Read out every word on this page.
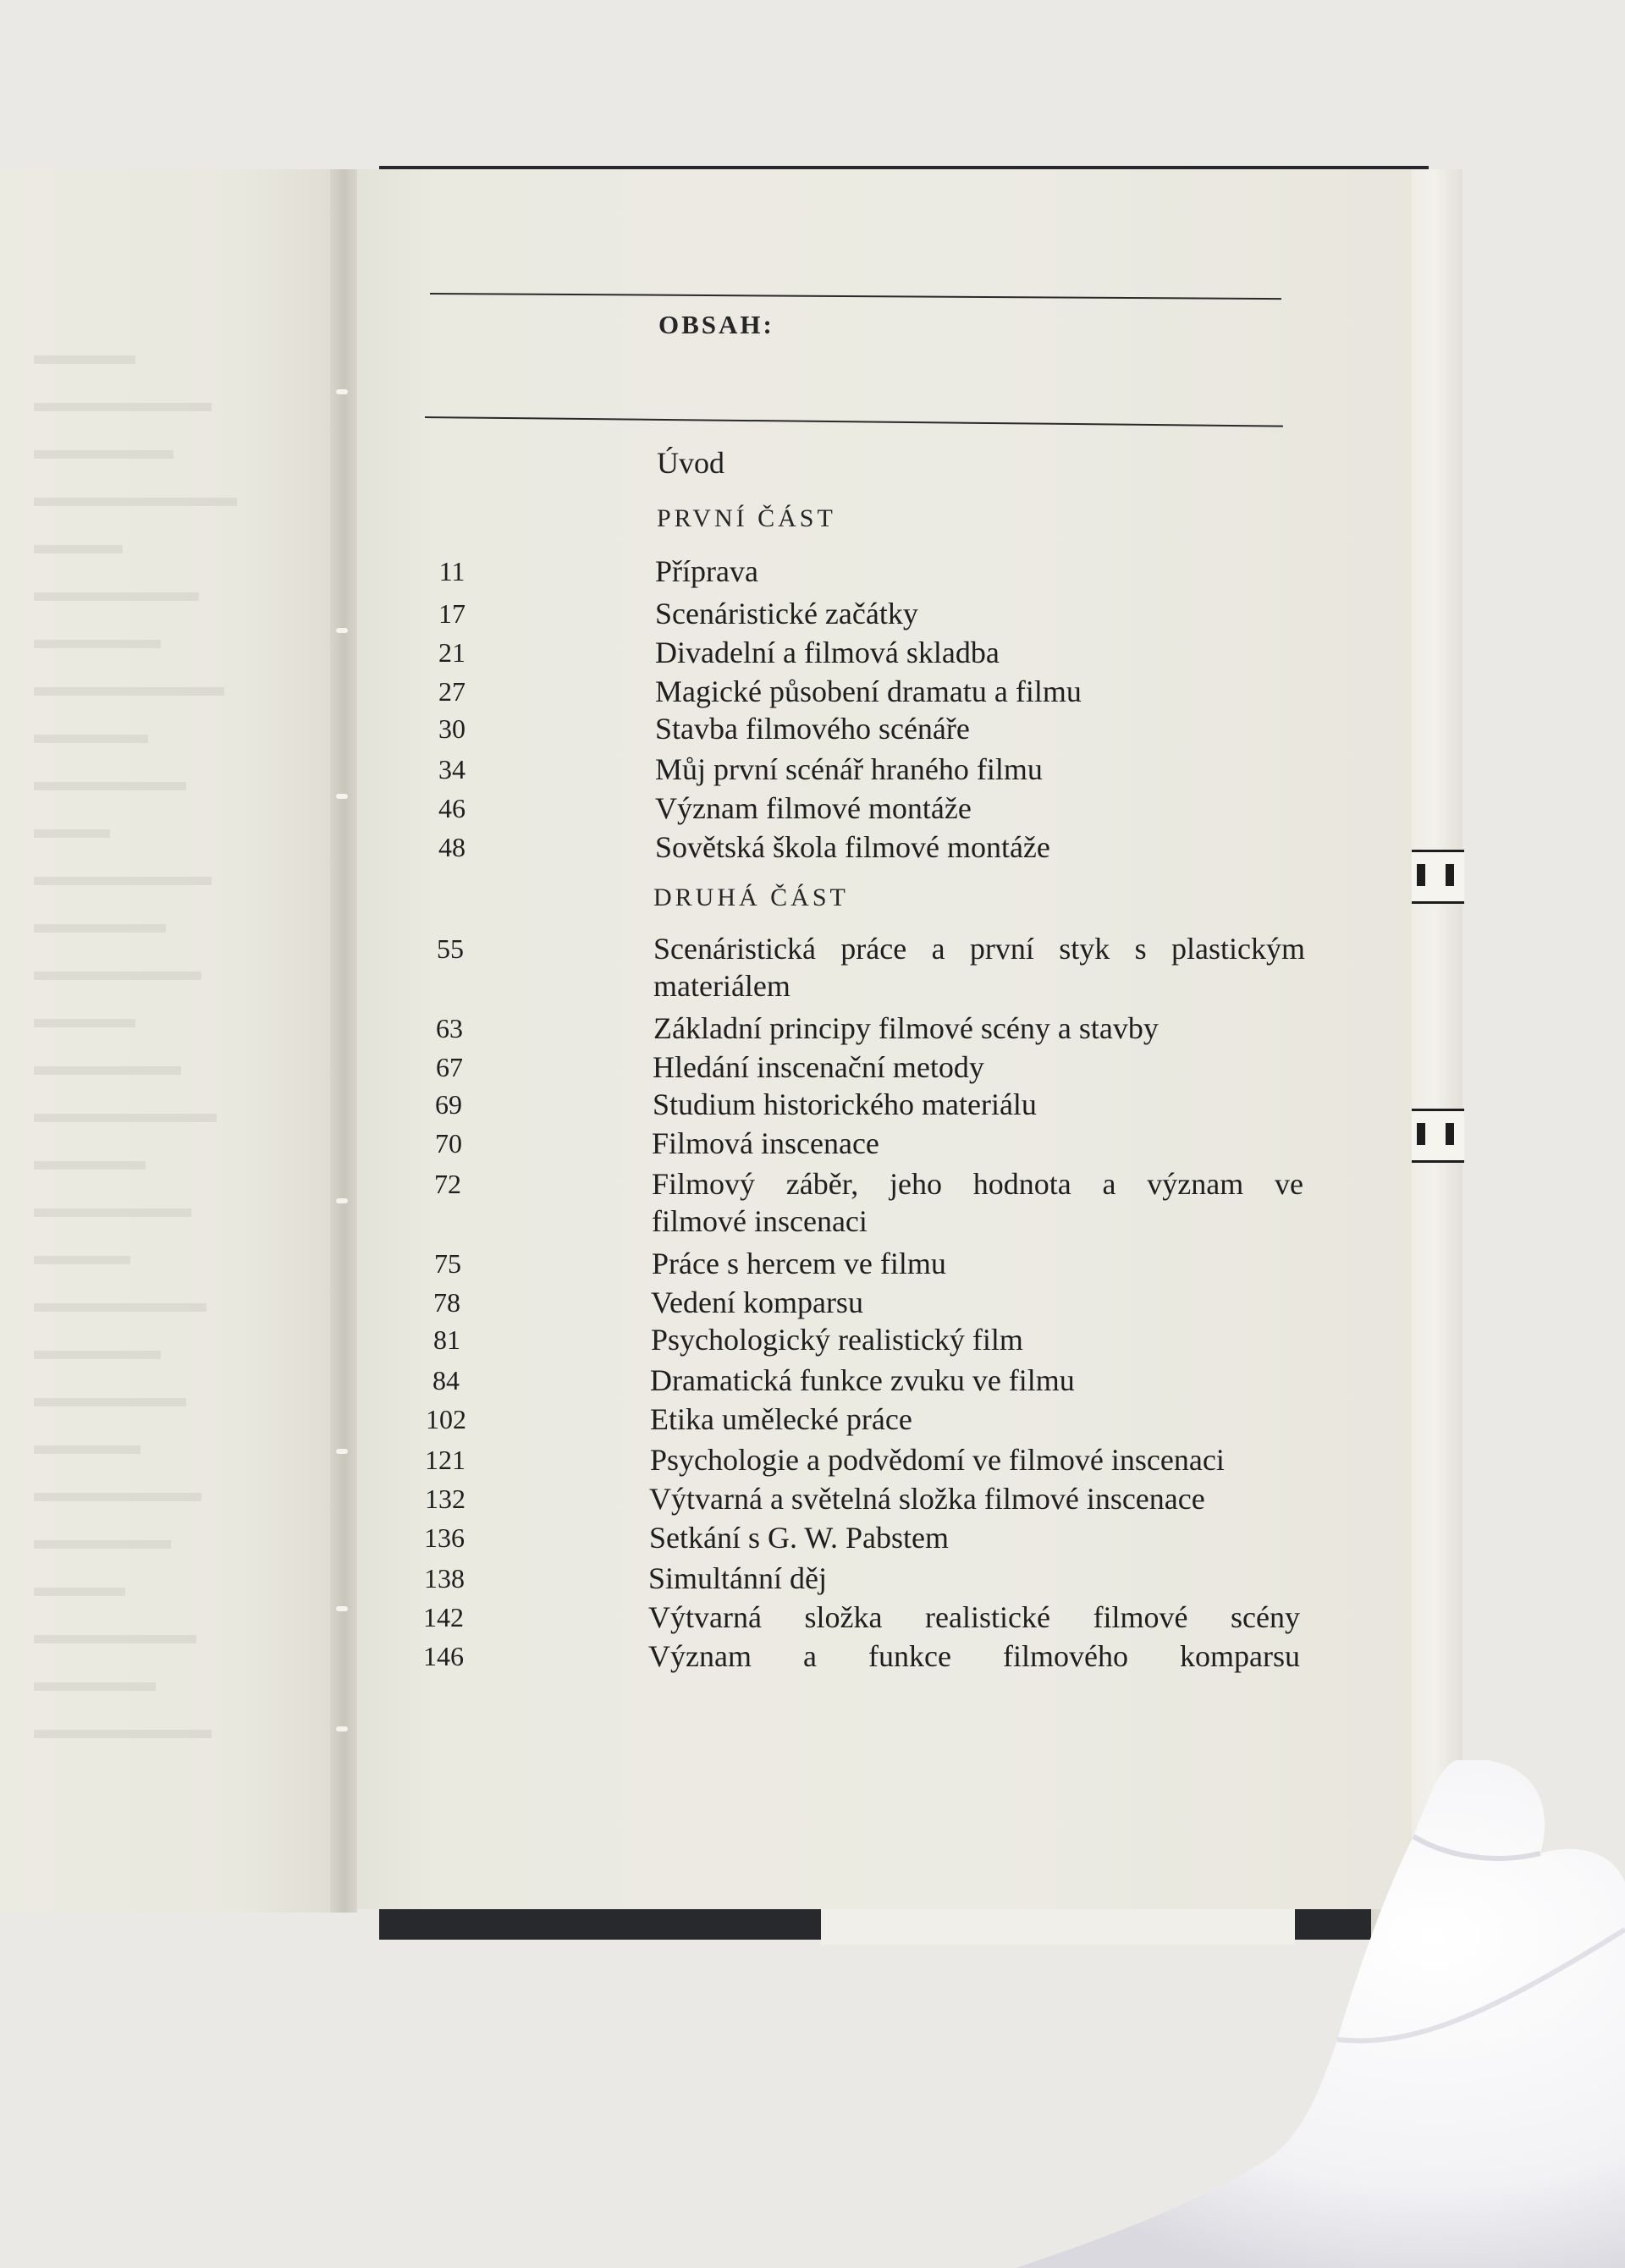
OBSAH:
Úvod
PRVNÍ ČÁST
11	Příprava
17	Scenáristické začátky
21	Divadelní a filmová skladba
27	Magické působení dramatu a filmu
30	Stavba filmového scénáře
34	Můj první scénář hraného filmu
46	Význam filmové montáže
48	Sovětská škola filmové montáže
DRUHÁ ČÁST
55	Scenáristická práce a první styk s plastickým
materiálem
63	Základní principy filmové scény a stavby
67	Hledání inscenační metody
69	Studium historického materiálu
70	Filmová inscenace
72	Filmový záběr, jeho hodnota a význam ve
filmové inscenaci
75	Práce s hercem ve filmu
78	Vedení komparsu
81	Psychologický realistický film
84	Dramatická funkce zvuku ve filmu
102	Etika umělecké práce
121	Psychologie a podvědomí ve filmové inscenaci
132	Výtvarná a světelná složka filmové inscenace
136	Setkání s G. W. Pabstem
138	Simultánní děj
142	Výtvarná složka realistické filmové scény
146	Význam a funkce filmového komparsu
